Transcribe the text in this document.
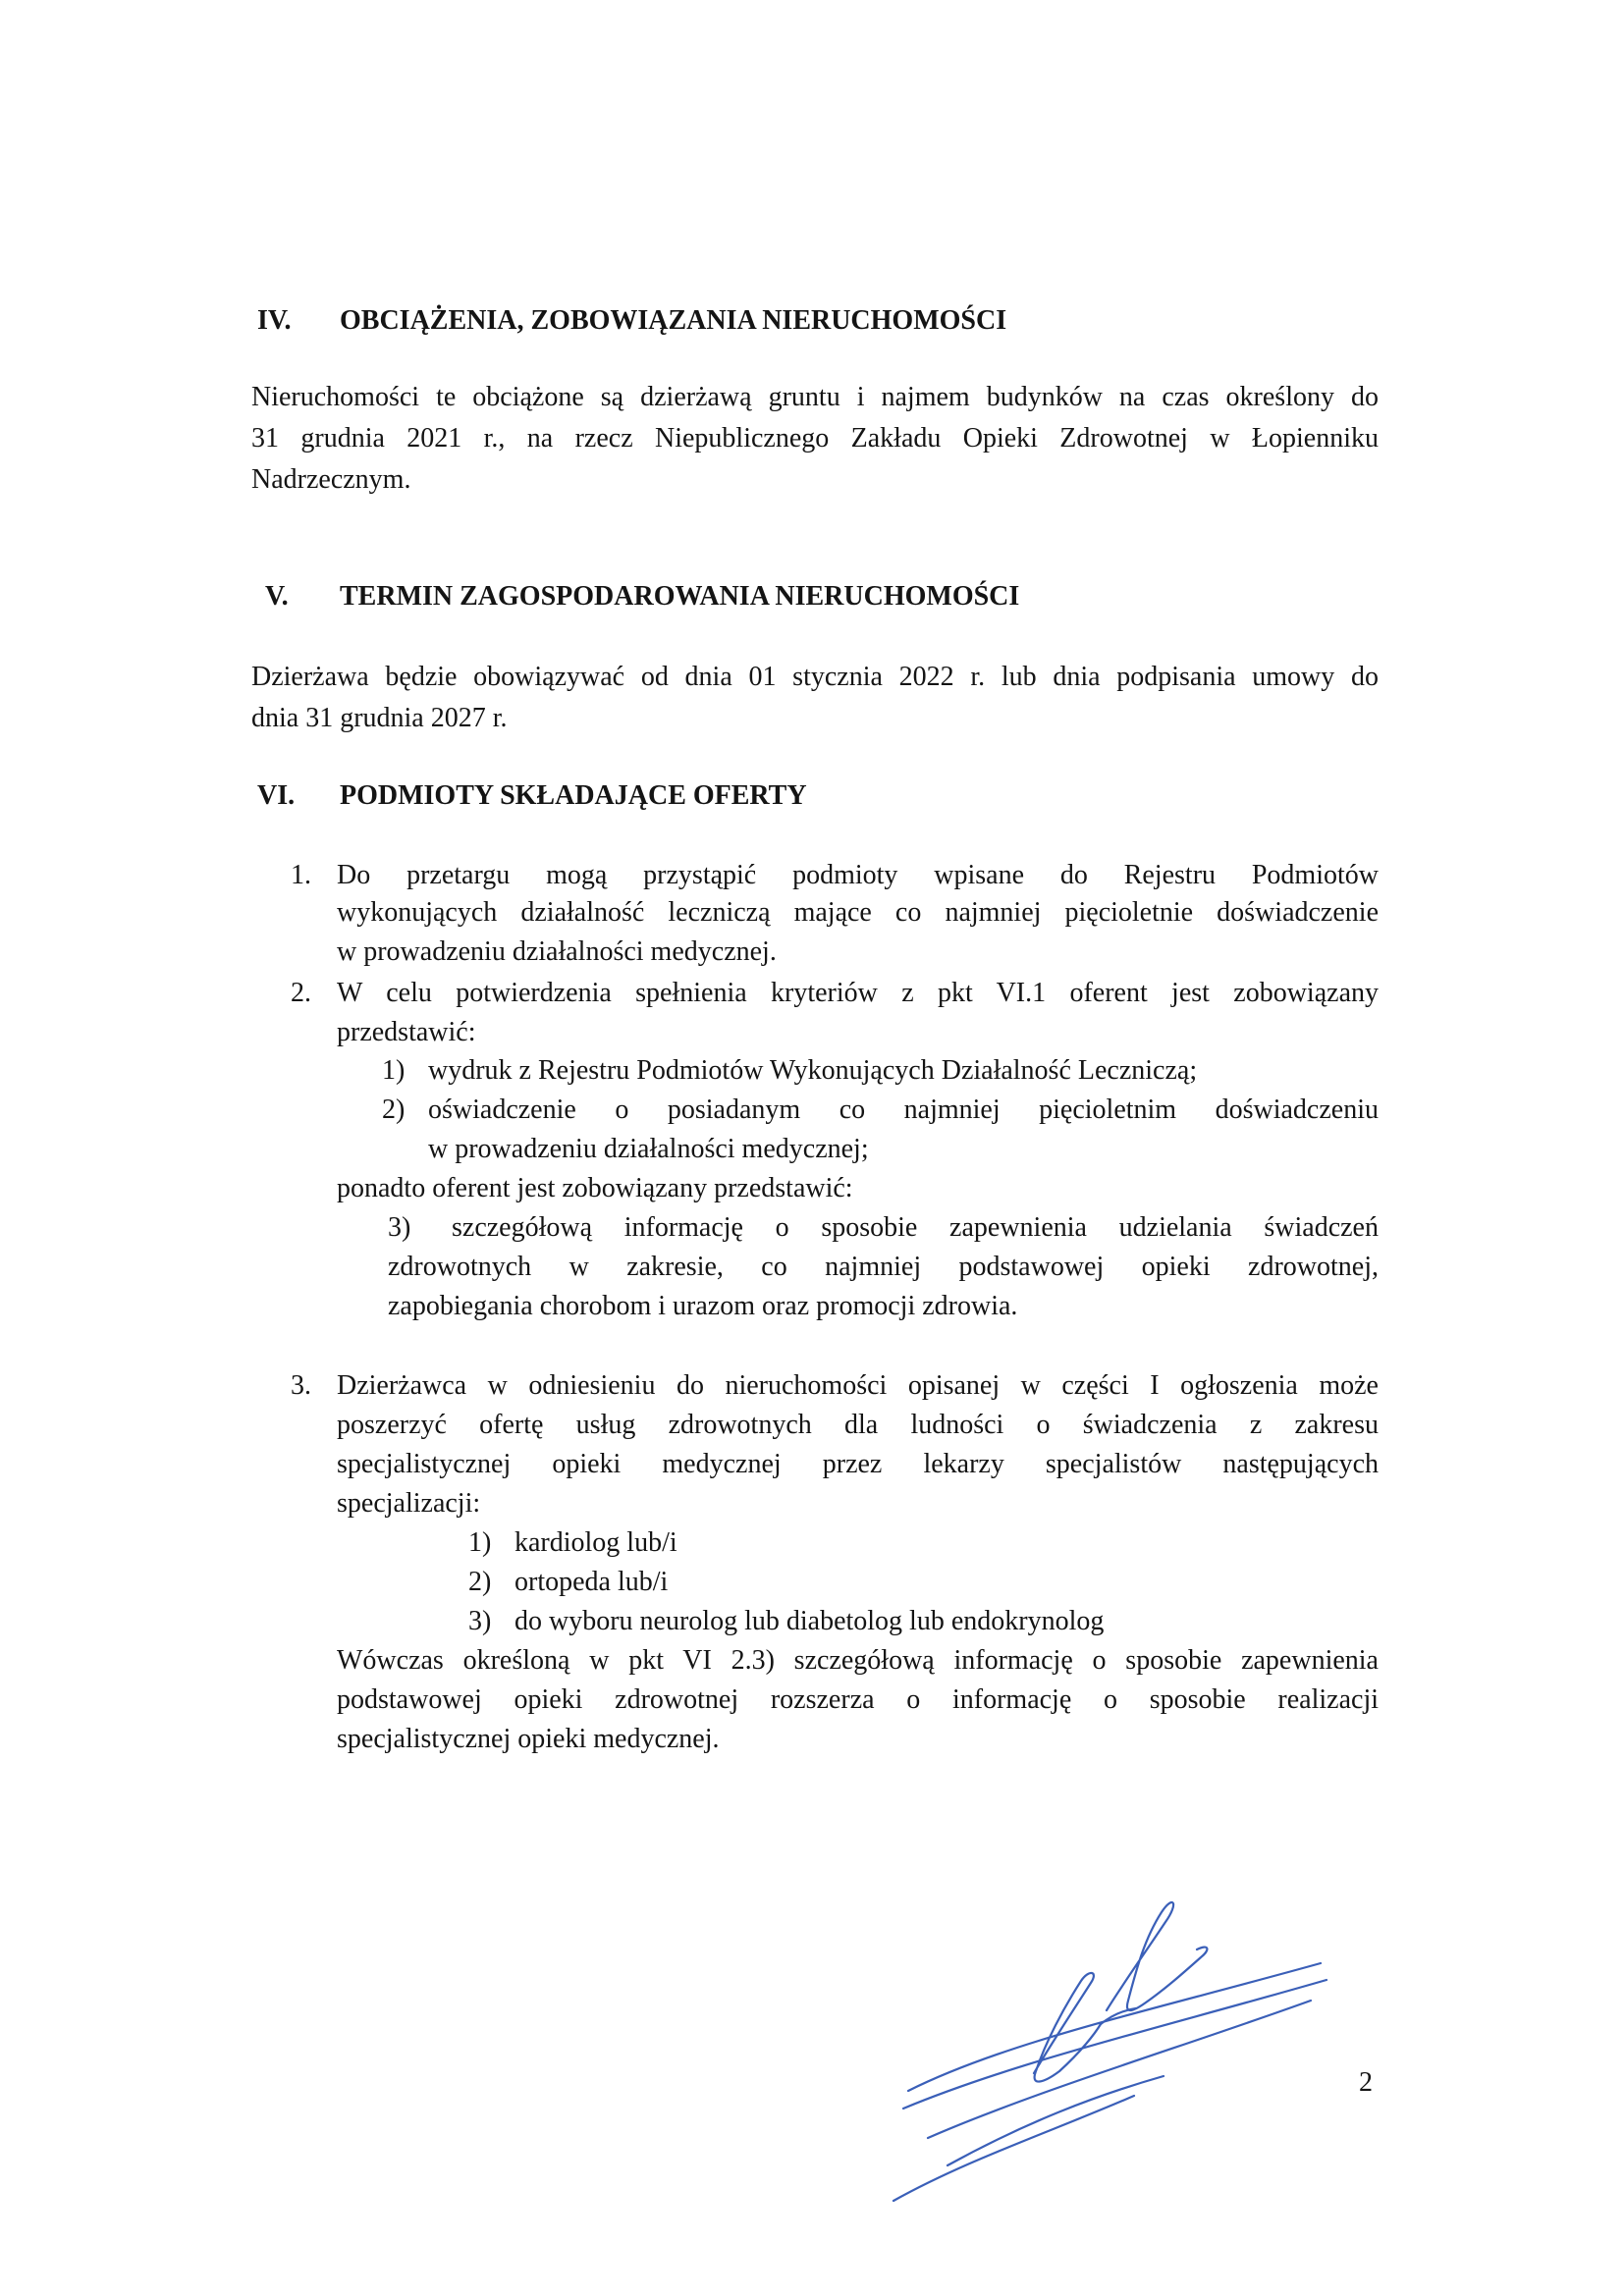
IV. OBCIĄŻENIA, ZOBOWIĄZANIA NIERUCHOMOŚCI
Nieruchomości te obciążone są dzierżawą gruntu i najmem budynków na czas określony do
31 grudnia 2021 r., na rzecz Niepublicznego Zakładu Opieki Zdrowotnej w Łopienniku
Nadrzecznym.
V. TERMIN ZAGOSPODAROWANIA NIERUCHOMOŚCI
Dzierżawa będzie obowiązywać od dnia 01 stycznia 2022 r. lub dnia podpisania umowy do
dnia 31 grudnia 2027 r.
VI. PODMIOTY SKŁADAJĄCE OFERTY
1. Do przetargu mogą przystąpić podmioty wpisane do Rejestru Podmiotów
wykonujących działalność leczniczą mające co najmniej pięcioletnie doświadczenie
w prowadzeniu działalności medycznej.
2. W celu potwierdzenia spełnienia kryteriów z pkt VI.1 oferent jest zobowiązany
przedstawić:
1) wydruk z Rejestru Podmiotów Wykonujących Działalność Leczniczą;
2) oświadczenie o posiadanym co najmniej pięcioletnim doświadczeniu
w prowadzeniu działalności medycznej;
ponadto oferent jest zobowiązany przedstawić:
3) szczegółową informację o sposobie zapewnienia udzielania świadczeń
zdrowotnych w zakresie, co najmniej podstawowej opieki zdrowotnej,
zapobiegania chorobom i urazom oraz promocji zdrowia.
3. Dzierżawca w odniesieniu do nieruchomości opisanej w części I ogłoszenia może
poszerzyć ofertę usług zdrowotnych dla ludności o świadczenia z zakresu
specjalistycznej opieki medycznej przez lekarzy specjalistów następujących
specjalizacji:
1) kardiolog lub/i
2) ortopeda lub/i
3) do wyboru neurolog lub diabetolog lub endokrynolog
Wówczas określoną w pkt VI 2.3) szczegółową informację o sposobie zapewnienia
podstawowej opieki zdrowotnej rozszerza o informację o sposobie realizacji
specjalistycznej opieki medycznej.
2
